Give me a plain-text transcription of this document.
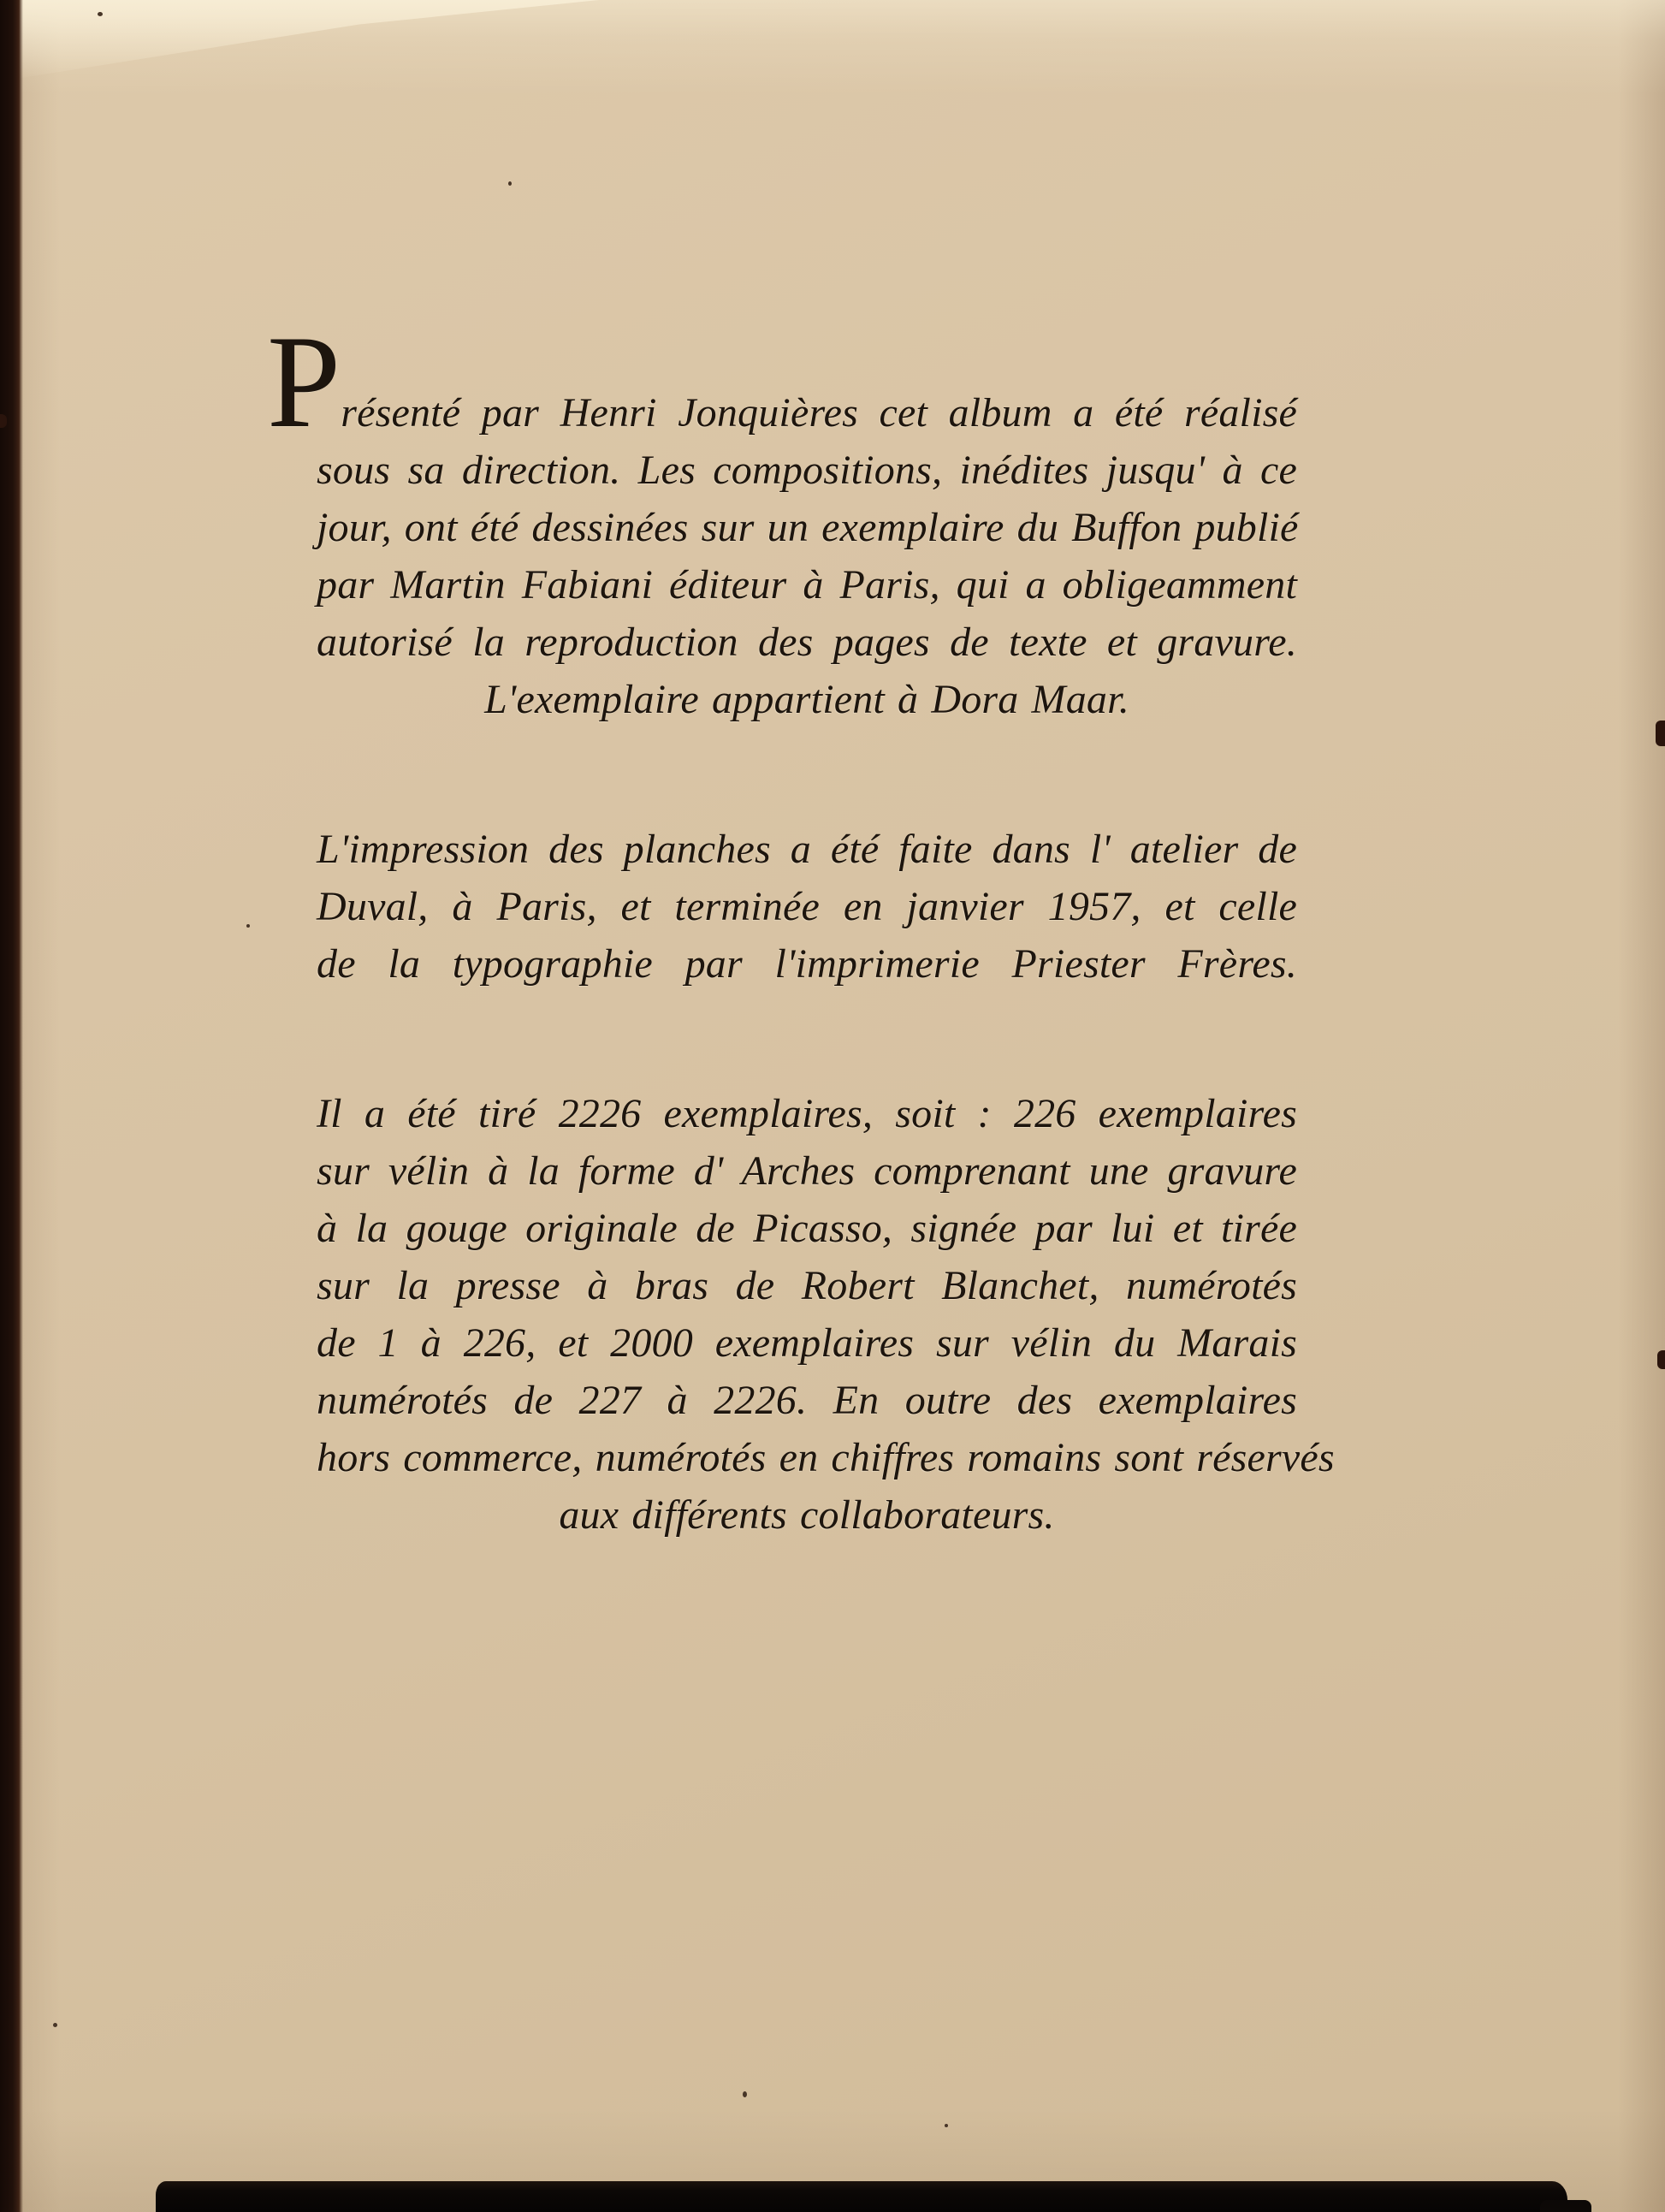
Présenté par Henri Jonquières cet album a été réalisé
sous sa direction. Les compositions, inédites jusqu' à ce
jour, ont été dessinées sur un exemplaire du Buffon publié
par Martin Fabiani éditeur à Paris, qui a obligeamment
autorisé la reproduction des pages de texte et gravure.
L'exemplaire appartient à Dora Maar.
L'impression des planches a été faite dans l' atelier de
Duval, à Paris, et terminée en janvier 1957, et celle
de la typographie par l'imprimerie Priester Frères.
Il a été tiré 2226 exemplaires, soit : 226 exemplaires
sur vélin à la forme d' Arches comprenant une gravure
à la gouge originale de Picasso, signée par lui et tirée
sur la presse à bras de Robert Blanchet, numérotés
de 1 à 226, et 2000 exemplaires sur vélin du Marais
numérotés de 227 à 2226. En outre des exemplaires
hors commerce, numérotés en chiffres romains sont réservés
aux différents collaborateurs.
